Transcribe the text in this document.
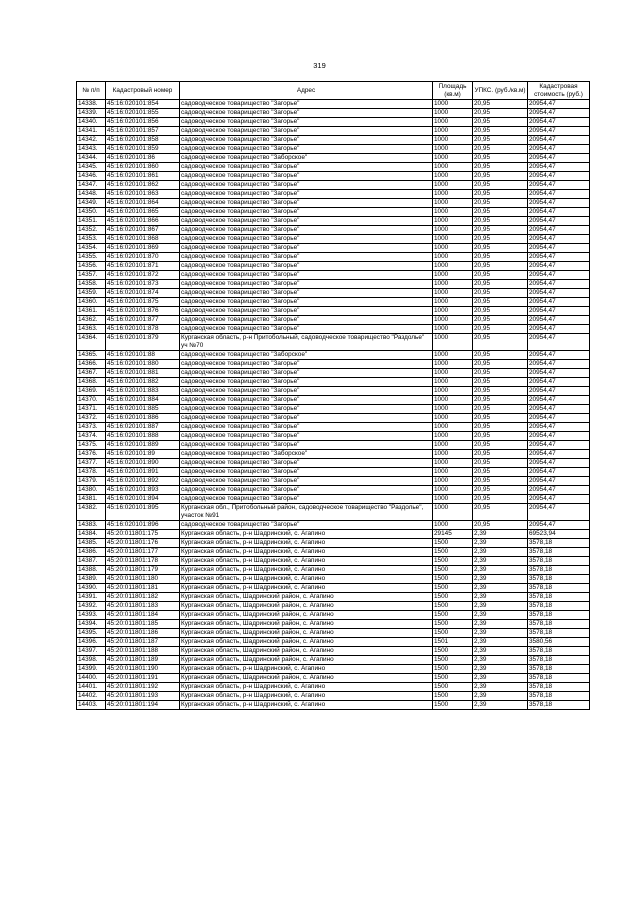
319
№ п/п	Кадастровый номер	Адрес	Площадь (кв.м)	УПКС. (руб./кв.м)	Кадастровая стоимость (руб.)
14338.	45:16:020101:854	садоводческое товарищество "Загорье"	1000	20,95	20954,47
14339.	45:16:020101:855	садоводческое товарищество "Загорье"	1000	20,95	20954,47
14340.	45:16:020101:856	садоводческое товарищество "Загорье"	1000	20,95	20954,47
14341.	45:16:020101:857	садоводческое товарищество "Загорье"	1000	20,95	20954,47
14342.	45:16:020101:858	садоводческое товарищество "Загорье"	1000	20,95	20954,47
14343.	45:16:020101:859	садоводческое товарищество "Загорье"	1000	20,95	20954,47
14344.	45:16:020101:86	садоводческое товарищество "Заборское"	1000	20,95	20954,47
14345.	45:16:020101:860	садоводческое товарищество "Загорье"	1000	20,95	20954,47
14346.	45:16:020101:861	садоводческое товарищество "Загорье"	1000	20,95	20954,47
14347.	45:16:020101:862	садоводческое товарищество "Загорье"	1000	20,95	20954,47
14348.	45:16:020101:863	садоводческое товарищество "Загорье"	1000	20,95	20954,47
14349.	45:16:020101:864	садоводческое товарищество "Загорье"	1000	20,95	20954,47
14350.	45:16:020101:865	садоводческое товарищество "Загорье"	1000	20,95	20954,47
14351.	45:16:020101:866	садоводческое товарищество "Загорье"	1000	20,95	20954,47
14352.	45:16:020101:867	садоводческое товарищество "Загорье"	1000	20,95	20954,47
14353.	45:16:020101:868	садоводческое товарищество "Загорье"	1000	20,95	20954,47
14354.	45:16:020101:869	садоводческое товарищество "Загорье"	1000	20,95	20954,47
14355.	45:16:020101:870	садоводческое товарищество "Загорье"	1000	20,95	20954,47
14356.	45:16:020101:871	садоводческое товарищество "Загорье"	1000	20,95	20954,47
14357.	45:16:020101:872	садоводческое товарищество "Загорье"	1000	20,95	20954,47
14358.	45:16:020101:873	садоводческое товарищество "Загорье"	1000	20,95	20954,47
14359.	45:16:020101:874	садоводческое товарищество "Загорье"	1000	20,95	20954,47
14360.	45:16:020101:875	садоводческое товарищество "Загорье"	1000	20,95	20954,47
14361.	45:16:020101:876	садоводческое товарищество "Загорье"	1000	20,95	20954,47
14362.	45:16:020101:877	садоводческое товарищество "Загорье"	1000	20,95	20954,47
14363.	45:16:020101:878	садоводческое товарищество "Загорье"	1000	20,95	20954,47
14364.	45:16:020101:879	Курганская область, р-н Притобольный, садоводческое товарищество "Раздолье" уч №70	1000	20,95	20954,47
14365.	45:16:020101:88	садоводческое товарищество "Заборское"	1000	20,95	20954,47
14366.	45:16:020101:880	садоводческое товарищество "Загорье"	1000	20,95	20954,47
14367.	45:16:020101:881	садоводческое товарищество "Загорье"	1000	20,95	20954,47
14368.	45:16:020101:882	садоводческое товарищество "Загорье"	1000	20,95	20954,47
14369.	45:16:020101:883	садоводческое товарищество "Загорье"	1000	20,95	20954,47
14370.	45:16:020101:884	садоводческое товарищество "Загорье"	1000	20,95	20954,47
14371.	45:16:020101:885	садоводческое товарищество "Загорье"	1000	20,95	20954,47
14372.	45:16:020101:886	садоводческое товарищество "Загорье"	1000	20,95	20954,47
14373.	45:16:020101:887	садоводческое товарищество "Загорье"	1000	20,95	20954,47
14374.	45:16:020101:888	садоводческое товарищество "Загорье"	1000	20,95	20954,47
14375.	45:16:020101:889	садоводческое товарищество "Загорье"	1000	20,95	20954,47
14376.	45:16:020101:89	садоводческое товарищество "Заборское"	1000	20,95	20954,47
14377.	45:16:020101:890	садоводческое товарищество "Загорье"	1000	20,95	20954,47
14378.	45:16:020101:891	садоводческое товарищество "Загорье"	1000	20,95	20954,47
14379.	45:16:020101:892	садоводческое товарищество "Загорье"	1000	20,95	20954,47
14380.	45:16:020101:893	садоводческое товарищество "Загорье"	1000	20,95	20954,47
14381.	45:16:020101:894	садоводческое товарищество "Загорье"	1000	20,95	20954,47
14382.	45:16:020101:895	Курганская обл., Притобольный район, садоводческое товарищество "Раздолье", участок №91	1000	20,95	20954,47
14383.	45:16:020101:896	садоводческое товарищество "Загорье"	1000	20,95	20954,47
14384.	45:20:011801:175	Курганская область, р-н Шадринский, с. Агапино	29145	2,39	69523,94
14385.	45:20:011801:176	Курганская область, р-н Шадринский, с. Агапино	1500	2,39	3578,18
14386.	45:20:011801:177	Курганская область, р-н Шадринский, с. Агапино	1500	2,39	3578,18
14387.	45:20:011801:178	Курганская область, р-н Шадринский, с. Агапино	1500	2,39	3578,18
14388.	45:20:011801:179	Курганская область, р-н Шадринский, с. Агапино	1500	2,39	3578,18
14389.	45:20:011801:180	Курганская область, р-н Шадринский, с. Агапино	1500	2,39	3578,18
14390.	45:20:011801:181	Курганская область, р-н Шадринский, с. Агапино	1500	2,39	3578,18
14391.	45:20:011801:182	Курганская область, Шадринский район, с. Агапино	1500	2,39	3578,18
14392.	45:20:011801:183	Курганская область, Шадринский район, с. Агапино	1500	2,39	3578,18
14393.	45:20:011801:184	Курганская область, Шадринский район, с. Агапино	1500	2,39	3578,18
14394.	45:20:011801:185	Курганская область, Шадринский район, с. Агапино	1500	2,39	3578,18
14395.	45:20:011801:186	Курганская область, Шадринский район, с. Агапино	1500	2,39	3578,18
14396.	45:20:011801:187	Курганская область, Шадринский район, с. Агапино	1501	2,39	3580,56
14397.	45:20:011801:188	Курганская область, Шадринский район, с. Агапино	1500	2,39	3578,18
14398.	45:20:011801:189	Курганская область, Шадринский район, с. Агапино	1500	2,39	3578,18
14399.	45:20:011801:190	Курганская область, р-н Шадринский, с. Агапино	1500	2,39	3578,18
14400.	45:20:011801:191	Курганская область, Шадринский район, с. Агапино	1500	2,39	3578,18
14401.	45:20:011801:192	Курганская область, р-н Шадринский, с. Агапино	1500	2,39	3578,18
14402.	45:20:011801:193	Курганская область, р-н Шадринский, с. Агапино	1500	2,39	3578,18
14403.	45:20:011801:194	Курганская область, р-н Шадринский, с. Агапино	1500	2,39	3578,18
